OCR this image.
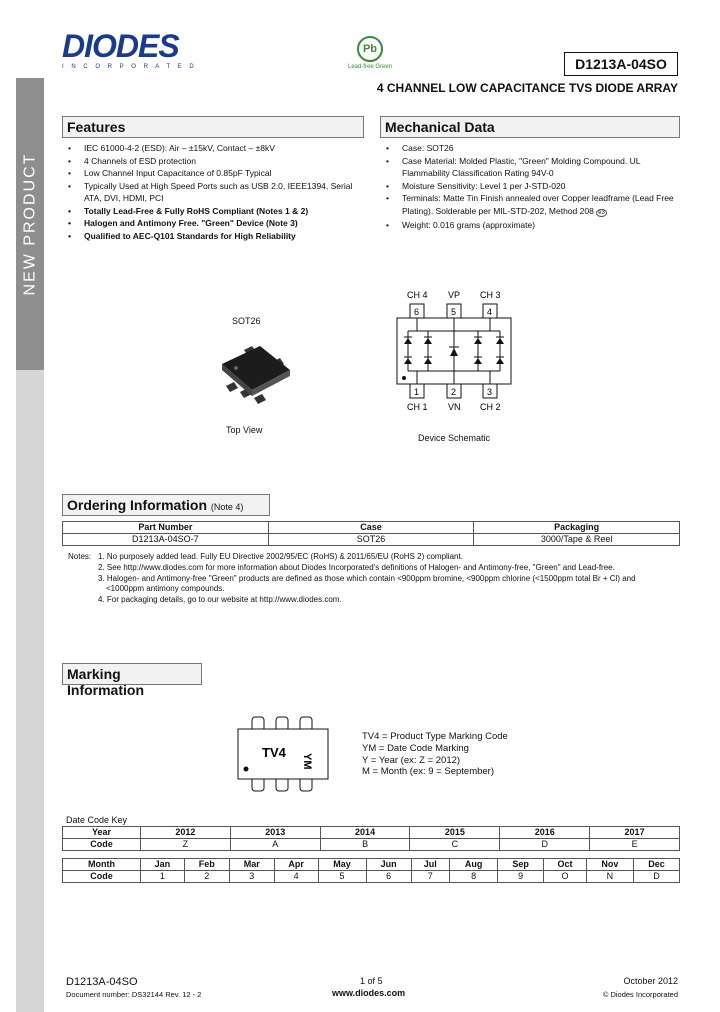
NEW PRODUCT
DIODES
I N C O R P O R A T E D
Pb
Lead-free Green	D1213A-04SO
4 CHANNEL LOW CAPACITANCE TVS DIODE ARRAY
Features
• IEC 61000-4-2 (ESD): Air – ±15kV, Contact – ±8kV
• 4 Channels of ESD protection
• Low Channel Input Capacitance of 0.85pF Typical
• Typically Used at High Speed Ports such as USB 2.0, IEEE1394, Serial ATA, DVI, HDMI, PCI
• Totally Lead-Free & Fully RoHS Compliant (Notes 1 & 2)
• Halogen and Antimony Free. "Green" Device (Note 3)
• Qualified to AEC-Q101 Standards for High Reliability
Mechanical Data
• Case: SOT26
• Case Material: Molded Plastic, "Green" Molding Compound. UL Flammability Classification Rating 94V-0
• Moisture Sensitivity: Level 1 per J-STD-020
• Terminals: Matte Tin Finish annealed over Copper leadframe (Lead Free Plating). Solderable per MIL-STD-202, Method 208 e3
• Weight: 0.016 grams (approximate)
SOT26
Top View
CH 4 VP CH 3
6	5	4
1	2	3
CH 1 VN CH 2
Device Schematic
Ordering Information (Note 4)
Part Number	Case	Packaging
D1213A-04SO-7	SOT26	3000/Tape & Reel
Notes: 1. No purposely added lead. Fully EU Directive 2002/95/EC (RoHS) & 2011/65/EU (RoHS 2) compliant.
2. See http://www.diodes.com for more information about Diodes Incorporated's definitions of Halogen- and Antimony-free, "Green" and Lead-free.
3. Halogen- and Antimony-free "Green" products are defined as those which contain <900ppm bromine, <900ppm chlorine (<1500ppm total Br + Cl) and
<1000ppm antimony compounds.
4. For packaging details, go to our website at http://www.diodes.com.
Marking Information
TV4
YM
TV4 = Product Type Marking Code
YM = Date Code Marking
Y = Year (ex: Z = 2012)
M = Month (ex: 9 = September)
Date Code Key
Year	2012	2013	2014	2015	2016	2017
Code	Z	A	B	C	D	E
Month	Jan	Feb	Mar	Apr	May	Jun	Jul	Aug	Sep	Oct	Nov	Dec
Code	1	2	3	4	5	6	7	8	9	O	N	D
D1213A-04SO
Document number: DS32144 Rev. 12 - 2
1 of 5
www.diodes.com
October 2012
© Diodes Incorporated
